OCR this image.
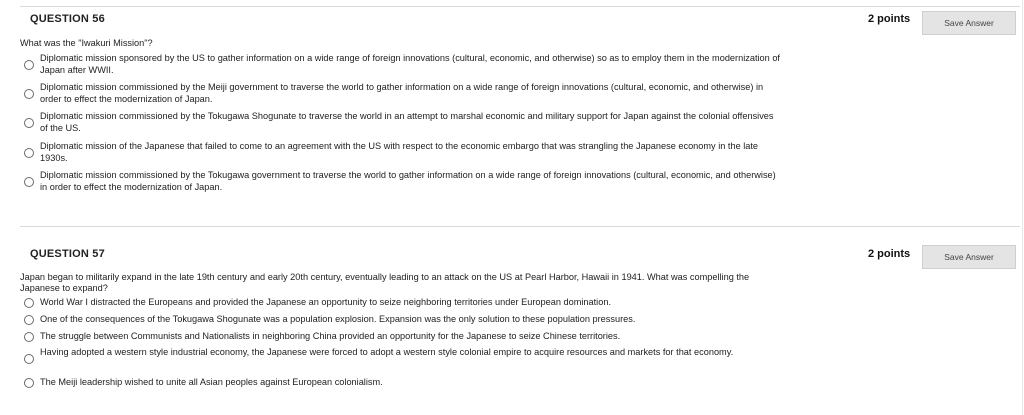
QUESTION 56	2 points	Save Answer
What was the "Iwakuri Mission"?
Diplomatic mission sponsored by the US to gather information on a wide range of foreign innovations (cultural, economic, and otherwise) so as to employ them in the modernization of Japan after WWII.
Diplomatic mission commissioned by the Meiji government to traverse the world to gather information on a wide range of foreign innovations (cultural, economic, and otherwise) in order to effect the modernization of Japan.
Diplomatic mission commissioned by the Tokugawa Shogunate to traverse the world in an attempt to marshal economic and military support for Japan against the colonial offensives of the US.
Diplomatic mission of the Japanese that failed to come to an agreement with the US with respect to the economic embargo that was strangling the Japanese economy in the late 1930s.
Diplomatic mission commissioned by the Tokugawa government to traverse the world to gather information on a wide range of foreign innovations (cultural, economic, and otherwise) in order to effect the modernization of Japan.
QUESTION 57	2 points	Save Answer
Japan began to militarily expand in the late 19th century and early 20th century, eventually leading to an attack on the US at Pearl Harbor, Hawaii in 1941. What was compelling the Japanese to expand?
World War I distracted the Europeans and provided the Japanese an opportunity to seize neighboring territories under European domination.
One of the consequences of the Tokugawa Shogunate was a population explosion. Expansion was the only solution to these population pressures.
The struggle between Communists and Nationalists in neighboring China provided an opportunity for the Japanese to seize Chinese territories.
Having adopted a western style industrial economy, the Japanese were forced to adopt a western style colonial empire to acquire resources and markets for that economy.
The Meiji leadership wished to unite all Asian peoples against European colonialism.
